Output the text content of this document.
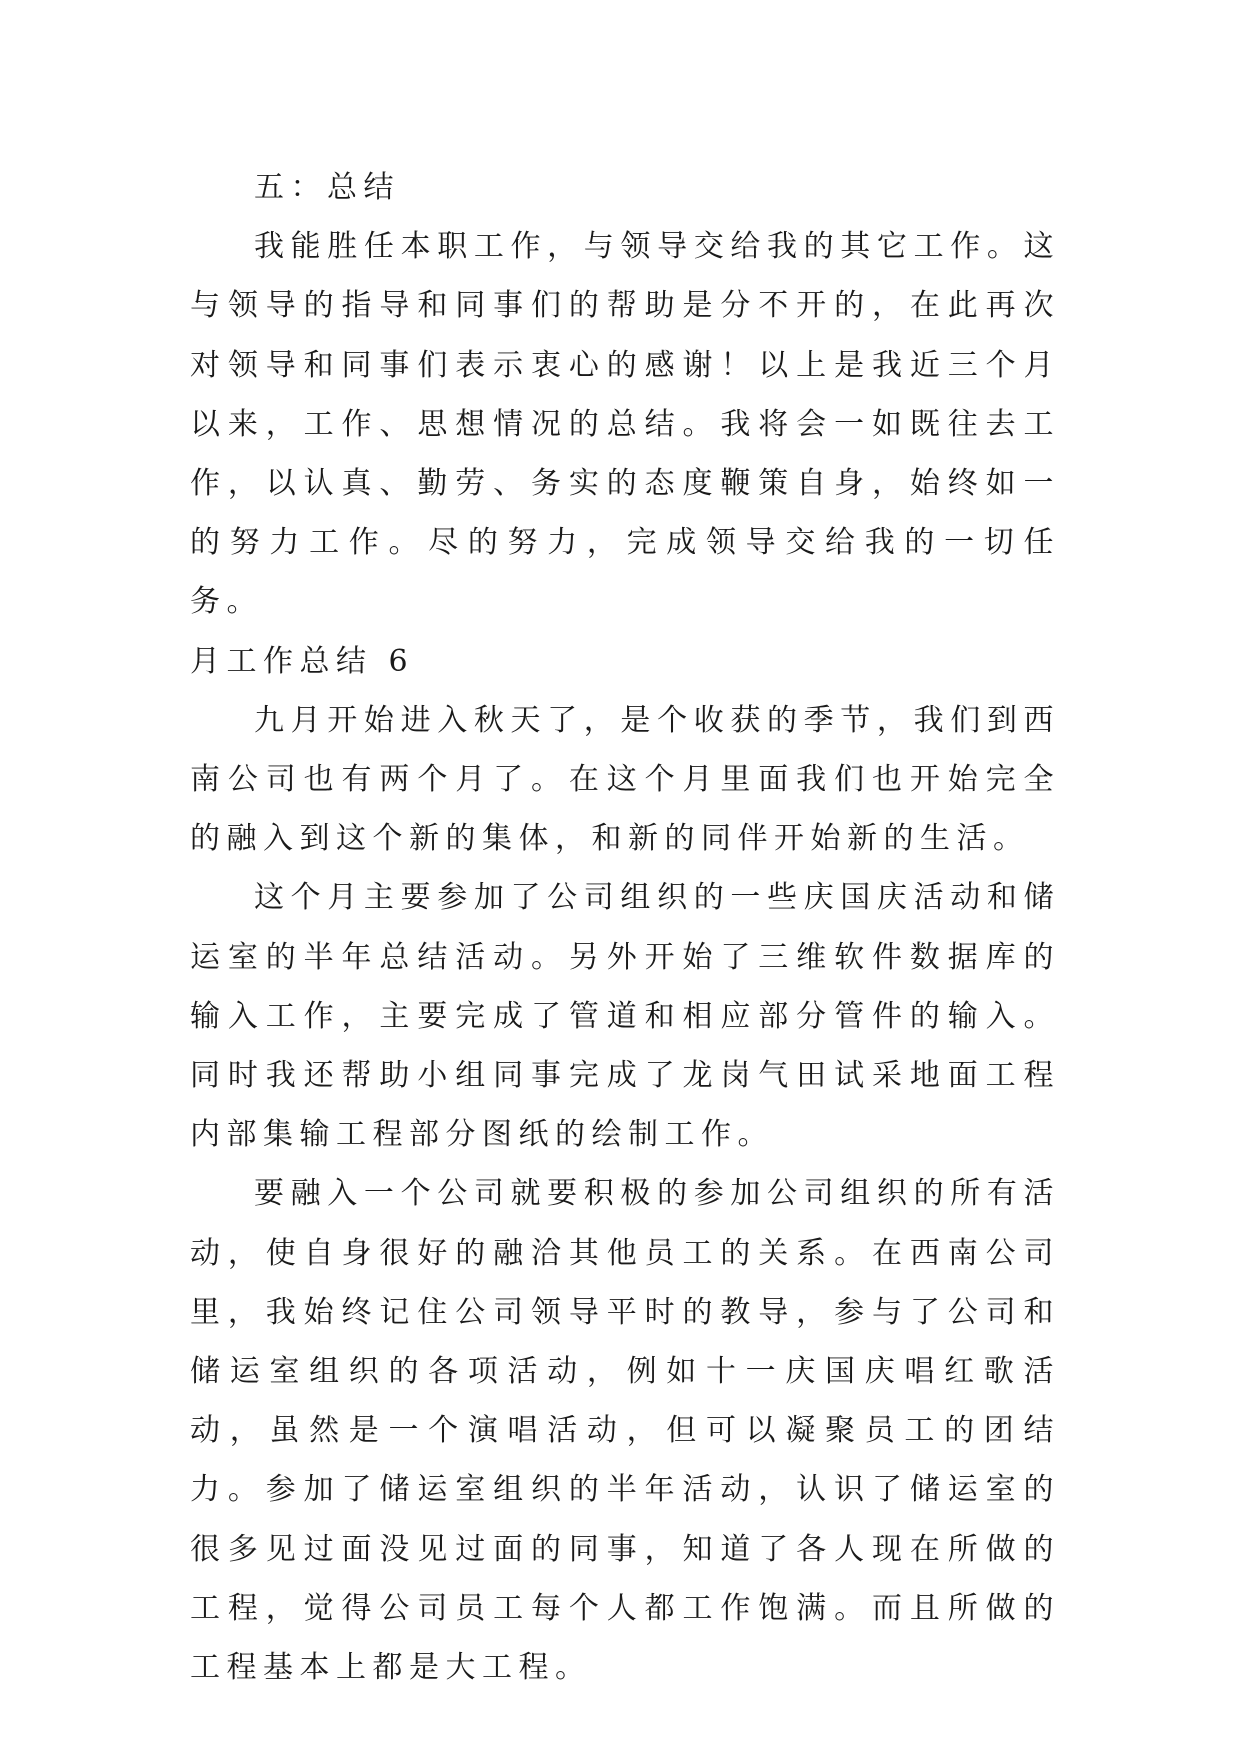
五：总结

我能胜任本职工作，与领导交给我的其它工作。这与领导的指导和同事们的帮助是分不开的，在此再次对领导和同事们表示衷心的感谢！以上是我近三个月以来，工作、思想情况的总结。我将会一如既往去工作，以认真、勤劳、务实的态度鞭策自身，始终如一的努力工作。尽的努力，完成领导交给我的一切任务。

月工作总结 6

九月开始进入秋天了，是个收获的季节，我们到西南公司也有两个月了。在这个月里面我们也开始完全的融入到这个新的集体，和新的同伴开始新的生活。

这个月主要参加了公司组织的一些庆国庆活动和储运室的半年总结活动。另外开始了三维软件数据库的输入工作，主要完成了管道和相应部分管件的输入。同时我还帮助小组同事完成了龙岗气田试采地面工程内部集输工程部分图纸的绘制工作。

要融入一个公司就要积极的参加公司组织的所有活动，使自身很好的融洽其他员工的关系。在西南公司里，我始终记住公司领导平时的教导，参与了公司和储运室组织的各项活动，例如十一庆国庆唱红歌活动，虽然是一个演唱活动，但可以凝聚员工的团结力。参加了储运室组织的半年活动，认识了储运室的很多见过面没见过面的同事，知道了各人现在所做的工程，觉得公司员工每个人都工作饱满。而且所做的工程基本上都是大工程。
